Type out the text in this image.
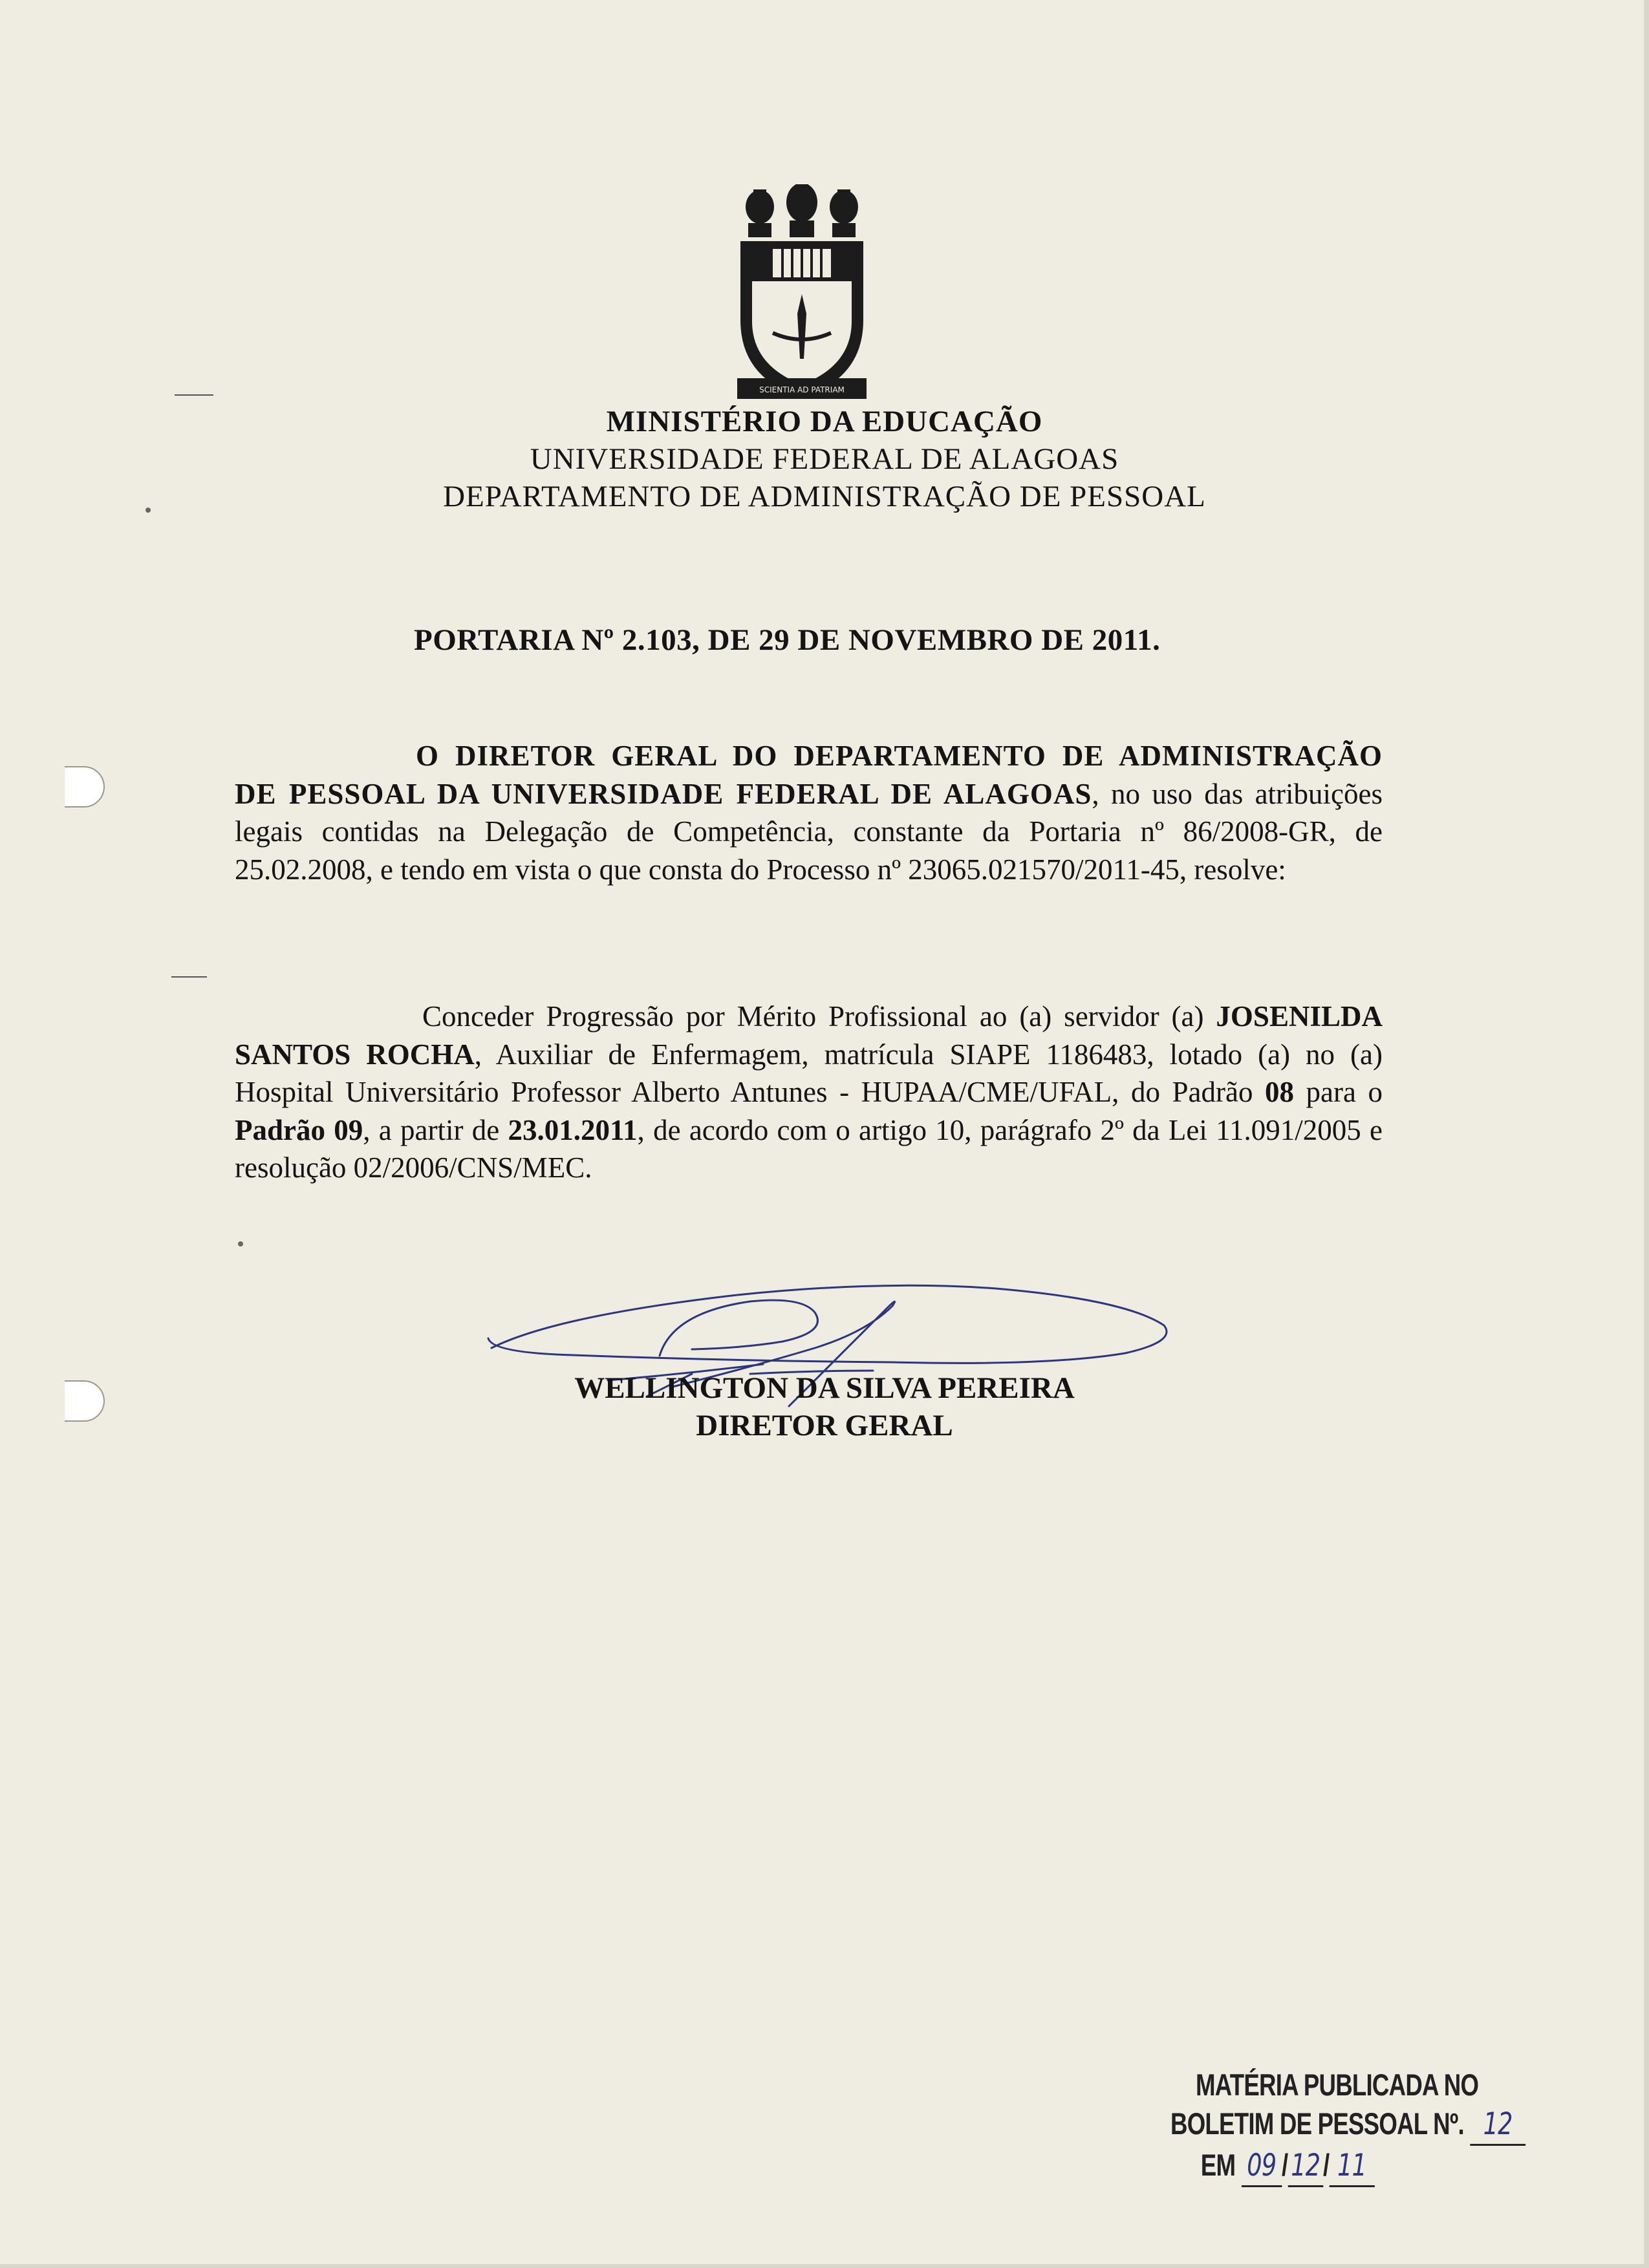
SCIENTIA AD PATRIAM
MINISTÉRIO DA EDUCAÇÃO
UNIVERSIDADE FEDERAL DE ALAGOAS
DEPARTAMENTO DE ADMINISTRAÇÃO DE PESSOAL
PORTARIA Nº 2.103, DE 29 DE NOVEMBRO DE 2011.
O DIRETOR GERAL DO DEPARTAMENTO DE ADMINISTRAÇÃO DE PESSOAL DA UNIVERSIDADE FEDERAL DE ALAGOAS, no uso das atribuições legais contidas na Delegação de Competência, constante da Portaria nº 86/2008-GR, de 25.02.2008, e tendo em vista o que consta do Processo nº 23065.021570/2011-45, resolve:
Conceder Progressão por Mérito Profissional ao (a) servidor (a) JOSENILDA SANTOS ROCHA, Auxiliar de Enfermagem, matrícula SIAPE 1186483, lotado (a) no (a) Hospital Universitário Professor Alberto Antunes - HUPAA/CME/UFAL, do Padrão 08 para o Padrão 09, a partir de 23.01.2011, de acordo com o artigo 10, parágrafo 2º da Lei 11.091/2005 e resolução 02/2006/CNS/MEC.
WELLINGTON DA SILVA PEREIRA
DIRETOR GERAL
MATÉRIA PUBLICADA NO
BOLETIM DE PESSOAL Nº. 12
EM 09 / 12 / 11
